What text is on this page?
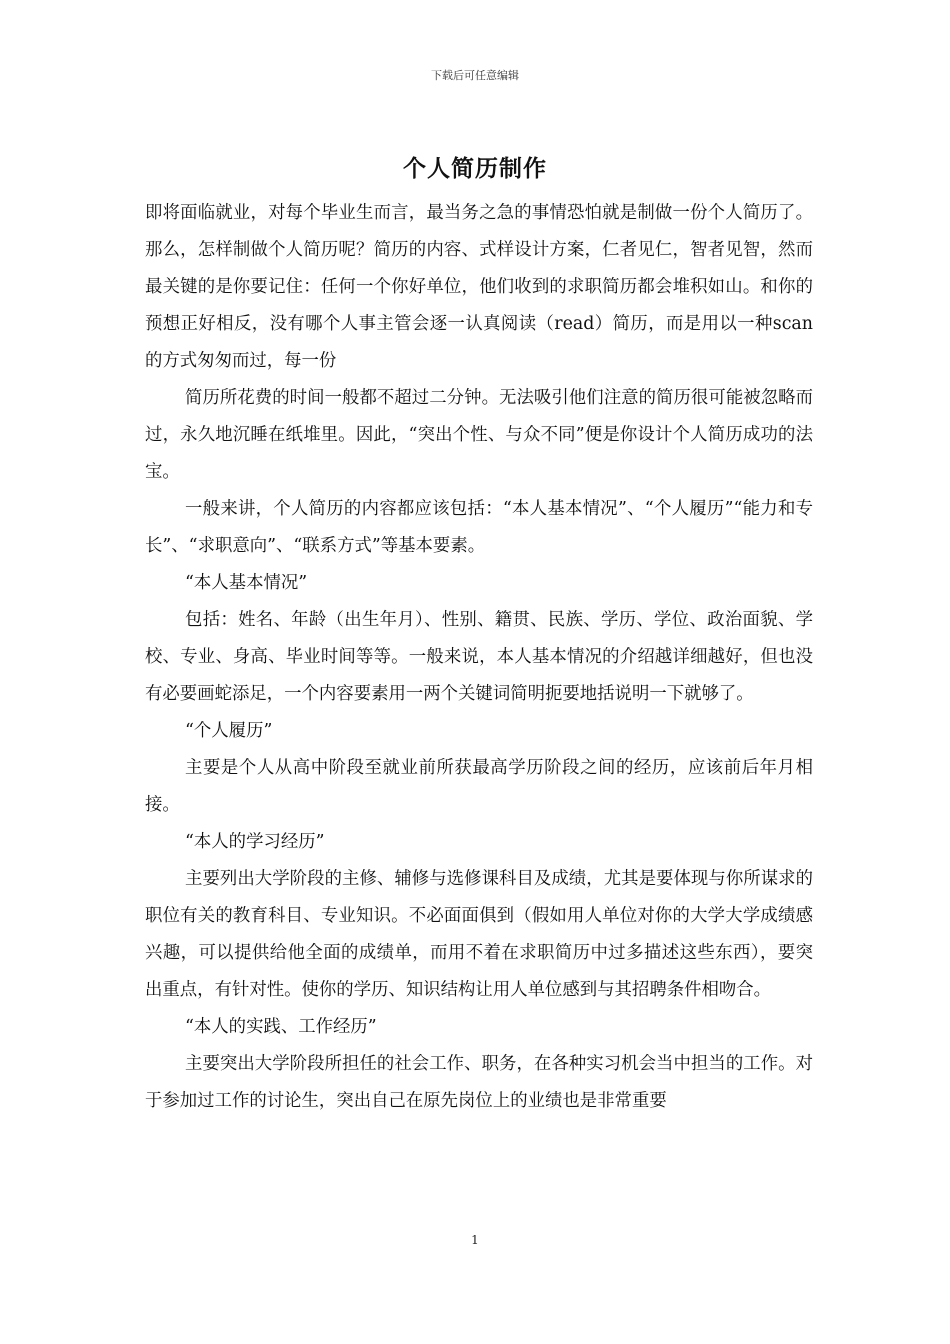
下载后可任意编辑
个人简历制作

即将面临就业，对每个毕业生而言，最当务之急的事情恐怕就是制做一份个人简历了。那么，怎样制做个人简历呢？简历的内容、式样设计方案，仁者见仁，智者见智，然而最关键的是你要记住：任何一个你好单位，他们收到的求职简历都会堆积如山。和你的预想正好相反，没有哪个人事主管会逐一认真阅读（read）简历，而是用以一种scan的方式匆匆而过，每一份

简历所花费的时间一般都不超过二分钟。无法吸引他们注意的简历很可能被忽略而过，永久地沉睡在纸堆里。因此，“突出个性、与众不同”便是你设计个人简历成功的法宝。

一般来讲，个人简历的内容都应该包括：“本人基本情况”、“个人履历”“能力和专长”、“求职意向”、“联系方式”等基本要素。

“本人基本情况”

包括：姓名、年龄（出生年月）、性别、籍贯、民族、学历、学位、政治面貌、学校、专业、身高、毕业时间等等。一般来说，本人基本情况的介绍越详细越好，但也没有必要画蛇添足，一个内容要素用一两个关键词简明扼要地括说明一下就够了。

“个人履历”

主要是个人从高中阶段至就业前所获最高学历阶段之间的经历，应该前后年月相接。

“本人的学习经历”

主要列出大学阶段的主修、辅修与选修课科目及成绩，尤其是要体现与你所谋求的职位有关的教育科目、专业知识。不必面面俱到（假如用人单位对你的大学大学成绩感兴趣，可以提供给他全面的成绩单，而用不着在求职简历中过多描述这些东西），要突出重点，有针对性。使你的学历、知识结构让用人单位感到与其招聘条件相吻合。

“本人的实践、工作经历”

主要突出大学阶段所担任的社会工作、职务，在各种实习机会当中担当的工作。对于参加过工作的讨论生，突出自己在原先岗位上的业绩也是非常重要

1
